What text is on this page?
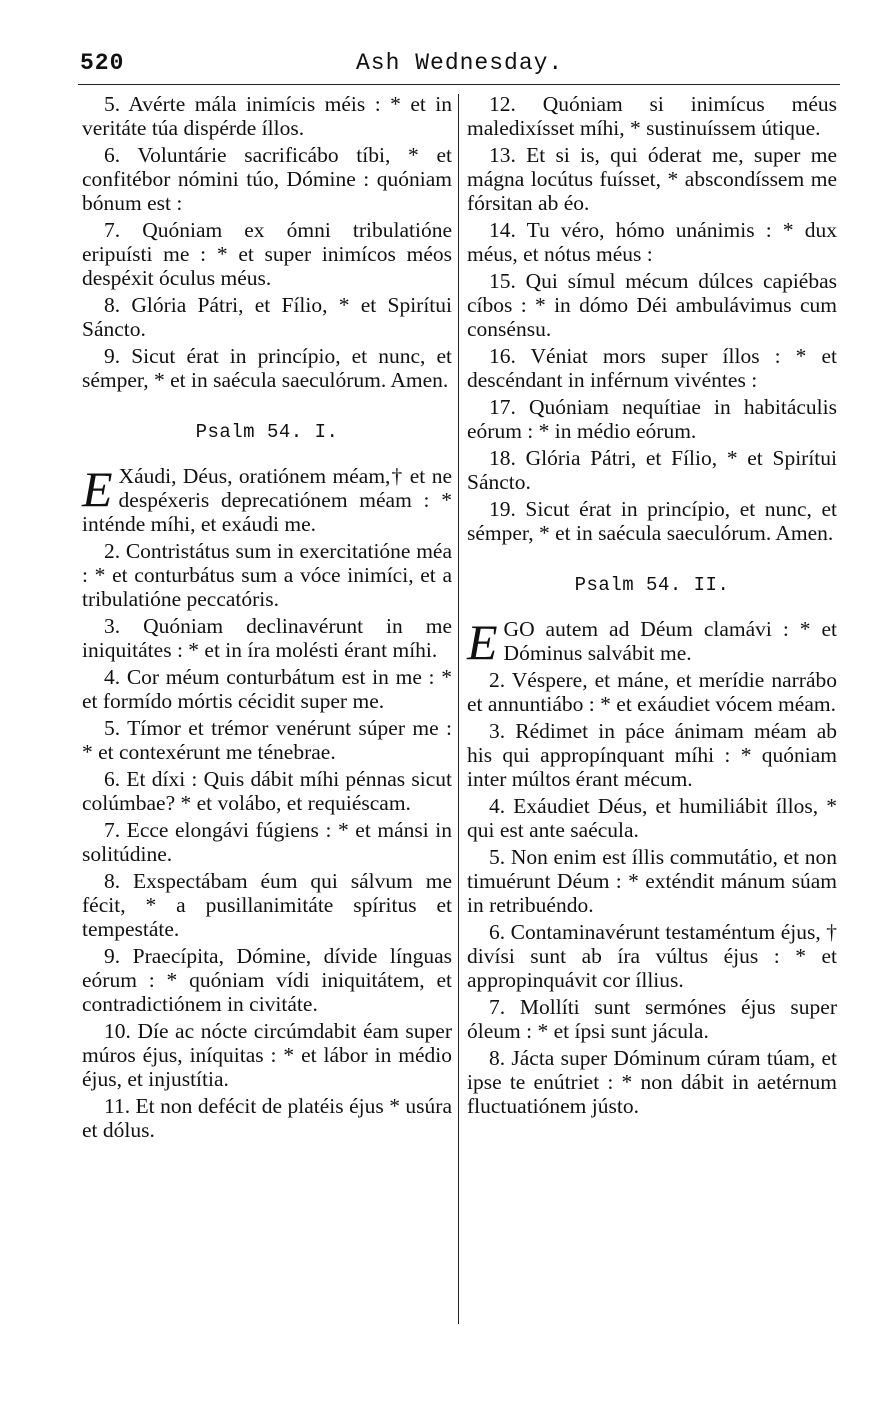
520	Ash Wednesday.

5. Avérte mála inimícis méis : * et in veritáte túa dispérde íllos.

6. Voluntárie sacrificábo tíbi, * et confitébor nómini túo, Dómine : quóniam bónum est :

7. Quóniam ex ómni tribulatióne eripuísti me : * et super inimícos méos despéxit óculus méus.

8. Glória Pátri, et Fílio, * et Spirítui Sáncto.

9. Sicut érat in princípio, et nunc, et sémper, * et in saécula saeculórum. Amen.

Psalm 54. I.

E Xáudi, Déus, oratiónem méam,† et ne despéxeris deprecatiónem méam : * inténde míhi, et exáudi me.

2. Contristátus sum in exercitatióne méa : * et conturbátus sum a vóce inimíci, et a tribulatióne peccatóris.

3. Quóniam declinavérunt in me iniquitátes : * et in íra molésti érant míhi.

4. Cor méum conturbátum est in me : * et formído mórtis cécidit super me.

5. Tímor et trémor venérunt súper me : * et contexérunt me ténebrae.

6. Et díxi : Quis dábit míhi pénnas sicut colúmbae? * et volábo, et requiéscam.

7. Ecce elongávi fúgiens : * et mánsi in solitúdine.

8. Exspectábam éum qui sálvum me fécit, * a pusillanimitáte spíritus et tempestáte.

9. Praecípita, Dómine, dívide línguas eórum : * quóniam vídi iniquitátem, et contradictiónem in civitáte.

10. Díe ac nócte circúmdabit éam super múros éjus, iníquitas : * et lábor in médio éjus, et injustítia.

11. Et non defécit de platéis éjus * usúra et dólus.

12. Quóniam si inimícus méus maledixísset míhi, * sustinuíssem útique.

13. Et si is, qui óderat me, super me mágna locútus fuísset, * abscondíssem me fórsitan ab éo.

14. Tu véro, hómo unánimis : * dux méus, et nótus méus :

15. Qui símul mécum dúlces capiébas cíbos : * in dómo Déi ambulávimus cum consénsu.

16. Véniat mors super íllos : * et descéndant in inférnum vivéntes :

17. Quóniam nequítiae in habitáculis eórum : * in médio eórum.

18. Glória Pátri, et Fílio, * et Spirítui Sáncto.

19. Sicut érat in princípio, et nunc, et sémper, * et in saécula saeculórum. Amen.

Psalm 54. II.

EGO autem ad Déum clamávi : * et Dóminus salvábit me.

2. Véspere, et máne, et merídie narrábo et annuntiábo : * et exáudiet vócem méam.

3. Rédimet in páce ánimam méam ab his qui appropínquant míhi : * quóniam inter múltos érant mécum.

4. Exáudiet Déus, et humiliábit íllos, * qui est ante saécula.

5. Non enim est íllis commutátio, et non timuérunt Déum : * exténdit mánum súam in retribuéndo.

6. Contaminavérunt testaméntum éjus, † divísi sunt ab íra vúltus éjus : * et appropinquávit cor íllius.

7. Mollíti sunt sermónes éjus super óleum : * et ípsi sunt jácula.

8. Jácta super Dóminum cúram túam, et ipse te enútriet : * non dábit in aetérnum fluctuatiónem jústo.
